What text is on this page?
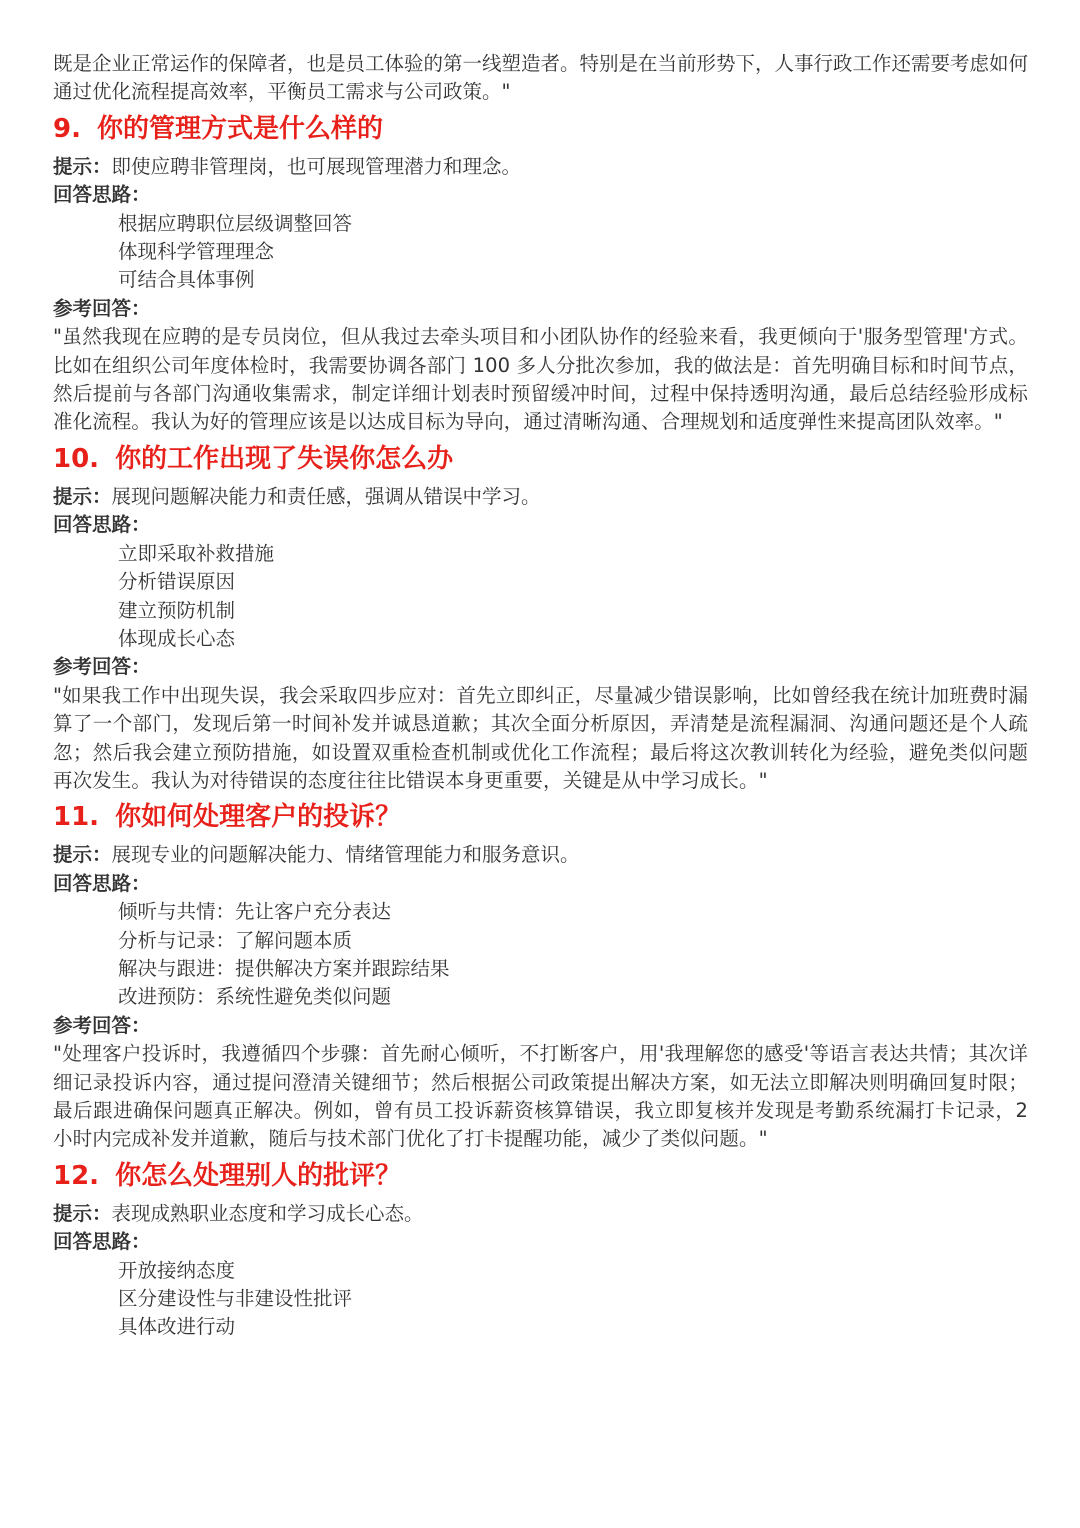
既是企业正常运作的保障者，也是员工体验的第一线塑造者。特别是在当前形势下，人事行政工作还需要考虑如何通过优化流程提高效率，平衡员工需求与公司政策。"

9. 你的管理方式是什么样的

提示：即使应聘非管理岗，也可展现管理潜力和理念。

回答思路：

根据应聘职位层级调整回答
体现科学管理理念
可结合具体事例

参考回答：

"虽然我现在应聘的是专员岗位，但从我过去牵头项目和小团队协作的经验来看，我更倾向于'服务型管理'方式。比如在组织公司年度体检时，我需要协调各部门 100 多人分批次参加，我的做法是：首先明确目标和时间节点，然后提前与各部门沟通收集需求，制定详细计划表时预留缓冲时间，过程中保持透明沟通，最后总结经验形成标准化流程。我认为好的管理应该是以达成目标为导向，通过清晰沟通、合理规划和适度弹性来提高团队效率。"

10. 你的工作出现了失误你怎么办

提示：展现问题解决能力和责任感，强调从错误中学习。

回答思路：

立即采取补救措施
分析错误原因
建立预防机制
体现成长心态

参考回答：

"如果我工作中出现失误，我会采取四步应对：首先立即纠正，尽量减少错误影响，比如曾经我在统计加班费时漏算了一个部门，发现后第一时间补发并诚恳道歉；其次全面分析原因，弄清楚是流程漏洞、沟通问题还是个人疏忽；然后我会建立预防措施，如设置双重检查机制或优化工作流程；最后将这次教训转化为经验，避免类似问题再次发生。我认为对待错误的态度往往比错误本身更重要，关键是从中学习成长。"

11. 你如何处理客户的投诉？

提示：展现专业的问题解决能力、情绪管理能力和服务意识。

回答思路：

倾听与共情：先让客户充分表达
分析与记录：了解问题本质
解决与跟进：提供解决方案并跟踪结果
改进预防：系统性避免类似问题

参考回答：

"处理客户投诉时，我遵循四个步骤：首先耐心倾听，不打断客户，用'我理解您的感受'等语言表达共情；其次详细记录投诉内容，通过提问澄清关键细节；然后根据公司政策提出解决方案，如无法立即解决则明确回复时限；最后跟进确保问题真正解决。例如，曾有员工投诉薪资核算错误，我立即复核并发现是考勤系统漏打卡记录，2 小时内完成补发并道歉，随后与技术部门优化了打卡提醒功能，减少了类似问题。"

12. 你怎么处理别人的批评？

提示：表现成熟职业态度和学习成长心态。

回答思路：

开放接纳态度
区分建设性与非建设性批评
具体改进行动
